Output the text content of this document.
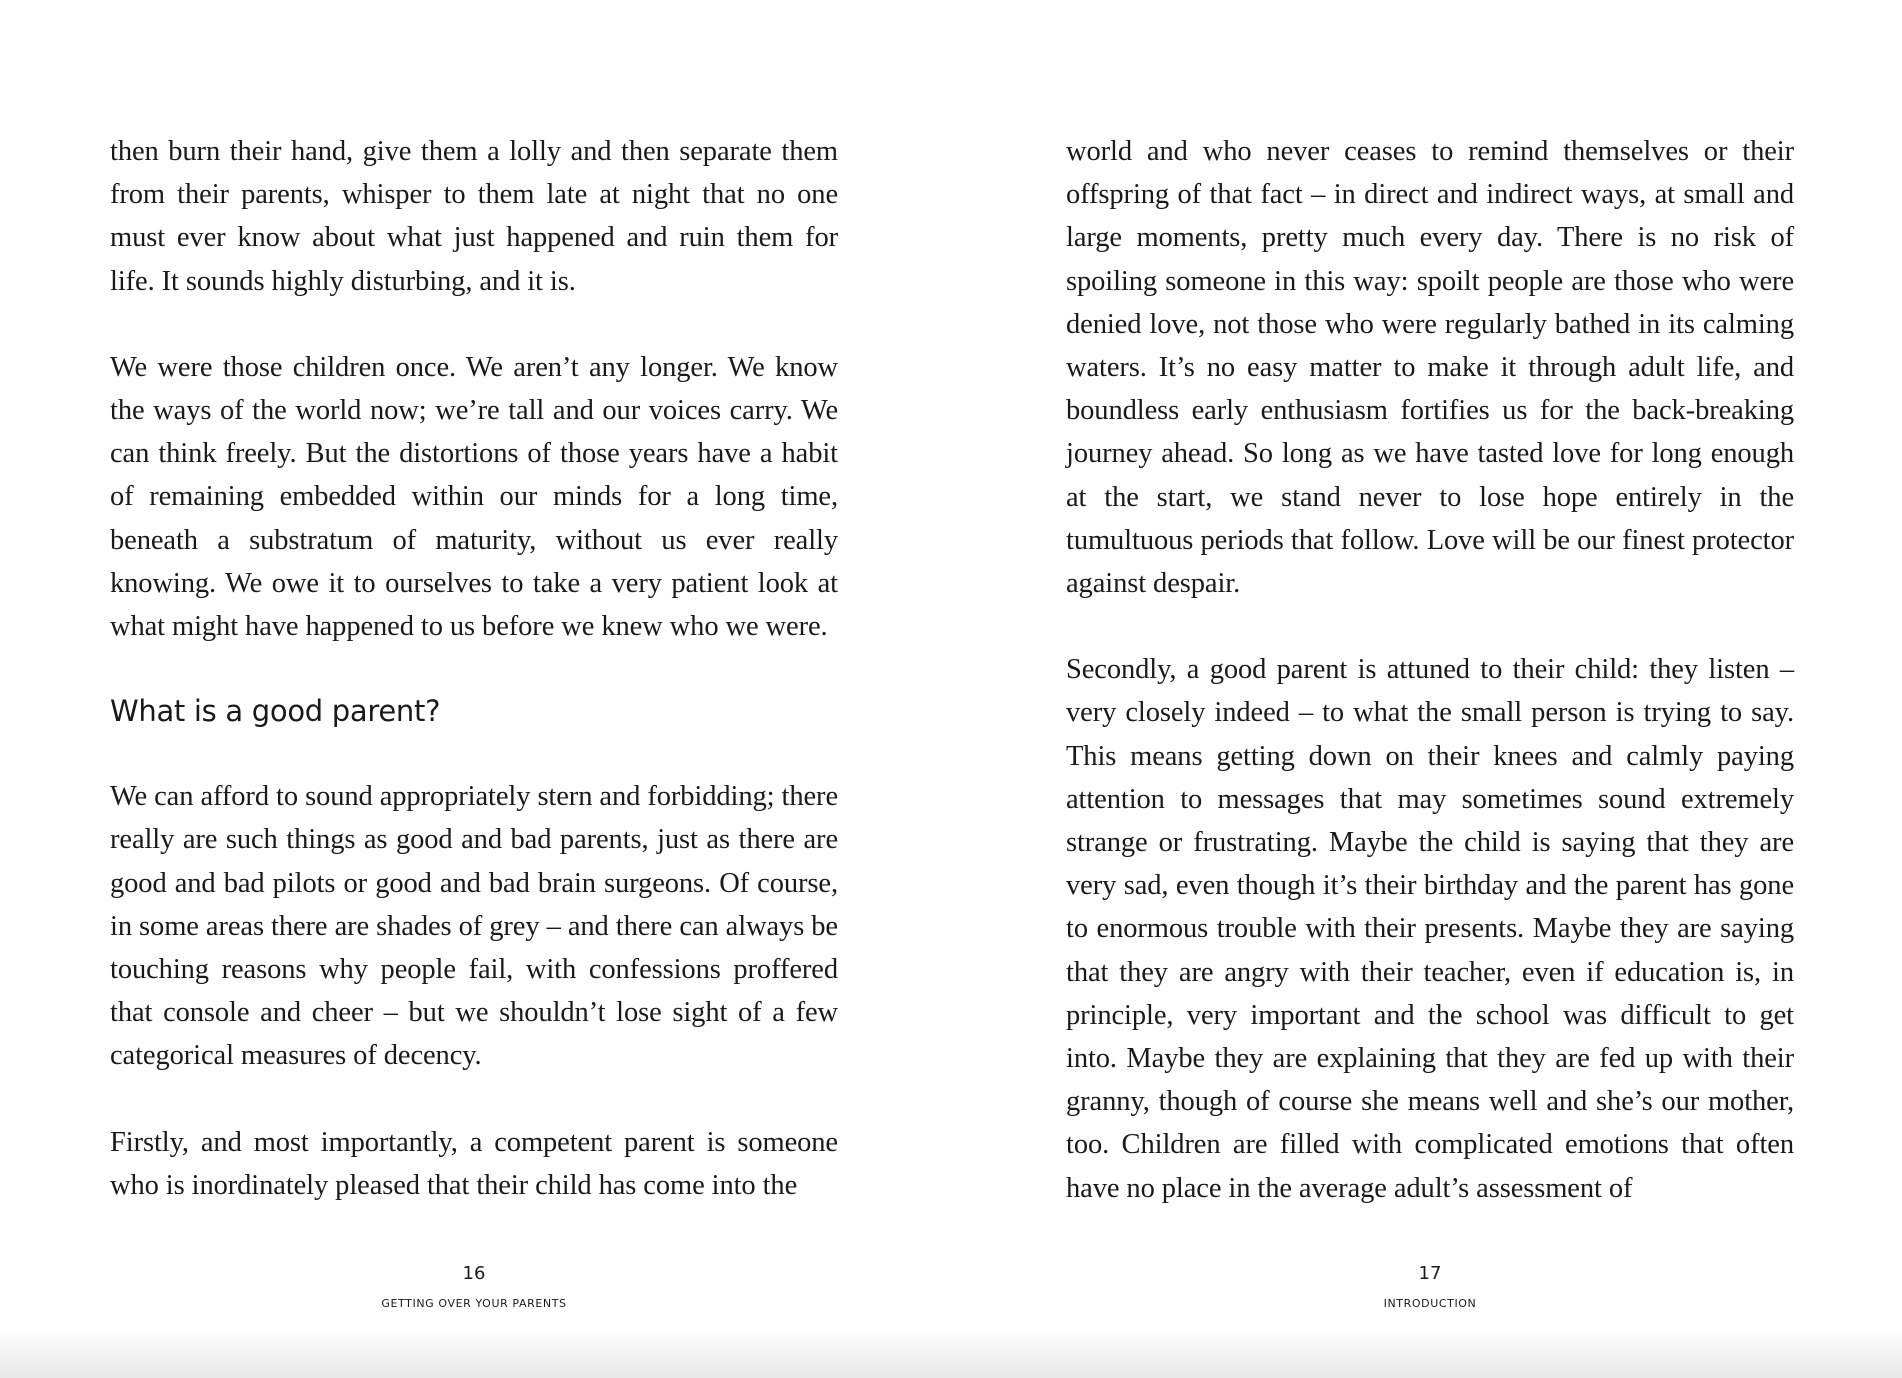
then burn their hand, give them a lolly and then separate them from their parents, whisper to them late at night that no one must ever know about what just happened and ruin them for life. It sounds highly disturbing, and it is.

We were those children once. We aren’t any longer. We know the ways of the world now; we’re tall and our voices carry. We can think freely. But the distortions of those years have a habit of remaining embedded within our minds for a long time, beneath a substratum of maturity, without us ever really knowing. We owe it to ourselves to take a very patient look at what might have happened to us before we knew who we were.

What is a good parent?

We can afford to sound appropriately stern and forbidding; there really are such things as good and bad parents, just as there are good and bad pilots or good and bad brain surgeons. Of course, in some areas there are shades of grey – and there can always be touching reasons why people fail, with confessions proffered that console and cheer – but we shouldn’t lose sight of a few categorical measures of decency.

Firstly, and most importantly, a competent parent is someone who is inordinately pleased that their child has come into the

16
GETTING OVER YOUR PARENTS

world and who never ceases to remind themselves or their offspring of that fact – in direct and indirect ways, at small and large moments, pretty much every day. There is no risk of spoiling someone in this way: spoilt people are those who were denied love, not those who were regularly bathed in its calming waters. It’s no easy matter to make it through adult life, and boundless early enthusiasm fortifies us for the back-breaking journey ahead. So long as we have tasted love for long enough at the start, we stand never to lose hope entirely in the tumultuous periods that follow. Love will be our finest protector against despair.

Secondly, a good parent is attuned to their child: they listen – very closely indeed – to what the small person is trying to say. This means getting down on their knees and calmly paying attention to messages that may sometimes sound extremely strange or frustrating. Maybe the child is saying that they are very sad, even though it’s their birthday and the parent has gone to enormous trouble with their presents. Maybe they are saying that they are angry with their teacher, even if education is, in principle, very important and the school was difficult to get into. Maybe they are explaining that they are fed up with their granny, though of course she means well and she’s our mother, too. Children are filled with complicated emotions that often have no place in the average adult’s assessment of

17
INTRODUCTION
